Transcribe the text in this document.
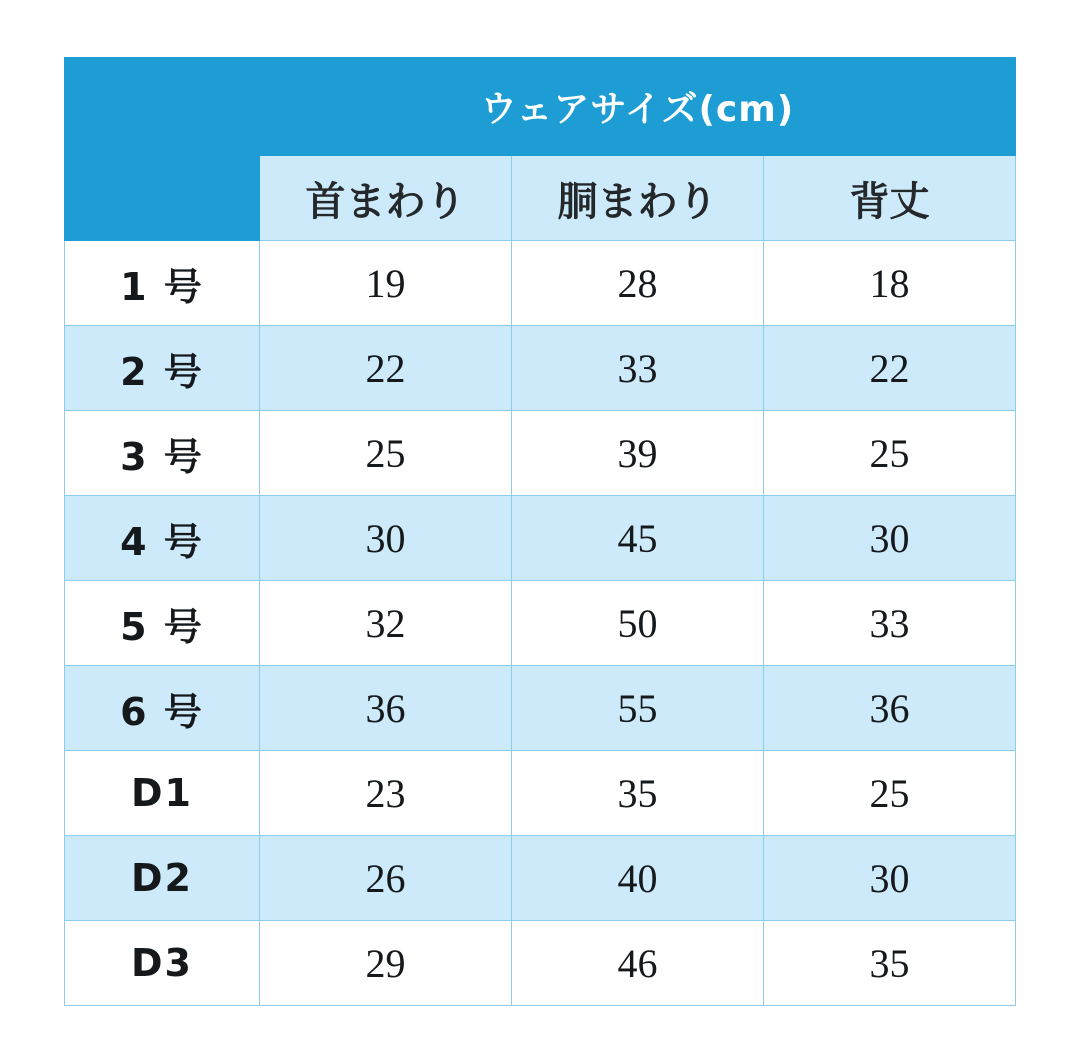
	ウェアサイズ(cm)		
	首まわり	胴まわり	背丈
1 号	19	28	18
2 号	22	33	22
3 号	25	39	25
4 号	30	45	30
5 号	32	50	33
6 号	36	55	36
D1	23	35	25
D2	26	40	30
D3	29	46	35
